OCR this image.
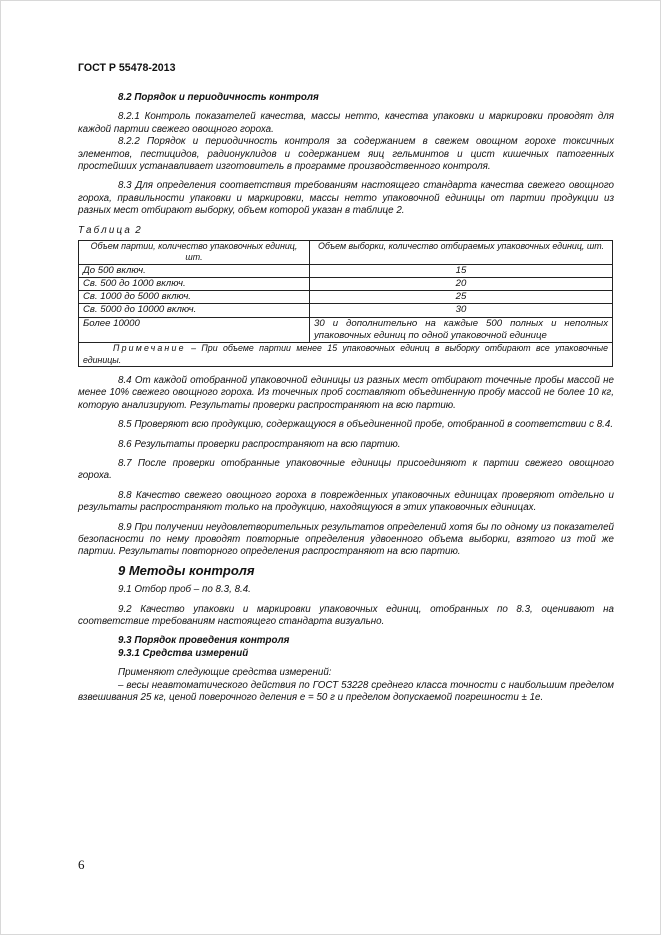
ГОСТ Р 55478-2013

8.2 Порядок и периодичность контроля

8.2.1 Контроль показателей качества, массы нетто, качества упаковки и маркировки проводят для каждой партии свежего овощного гороха.

8.2.2 Порядок и периодичность контроля за содержанием в свежем овощном горохе токсичных элементов, пестицидов, радионуклидов и содержанием яиц гельминтов и цист кишечных патогенных простейших устанавливает изготовитель в программе производственного контроля.

8.3 Для определения соответствия требованиям настоящего стандарта качества свежего овощного гороха, правильности упаковки и маркировки, массы нетто упаковочной единицы от партии продукции из разных мест отбирают выборку, объем которой указан в таблице 2.

Таблица 2
Объем партии, количество упаковочных единиц, шт.	Объем выборки, количество отбираемых упаковочных единиц, шт.
До 500 включ.	15
Св. 500 до 1000 включ.	20
Св. 1000 до 5000 включ.	25
Св. 5000 до 10000 включ.	30
Более 10000	30 и дополнительно на каждые 500 полных и неполных упаковочных единиц по одной упаковочной единице
Примечание – При объеме партии менее 15 упаковочных единиц в выборку отбирают все упаковочные единицы.	

8.4 От каждой отобранной упаковочной единицы из разных мест отбирают точечные пробы массой не менее 10% свежего овощного гороха. Из точечных проб составляют объединенную пробу массой не более 10 кг, которую анализируют. Результаты проверки распространяют на всю партию.

8.5 Проверяют всю продукцию, содержащуюся в объединенной пробе, отобранной в соответствии с 8.4.

8.6 Результаты проверки распространяют на всю партию.

8.7 После проверки отобранные упаковочные единицы присоединяют к партии свежего овощного гороха.

8.8 Качество свежего овощного гороха в поврежденных упаковочных единицах проверяют отдельно и результаты распространяют только на продукцию, находящуюся в этих упаковочных единицах.

8.9 При получении неудовлетворительных результатов определений хотя бы по одному из показателей безопасности по нему проводят повторные определения удвоенного объема выборки, взятого из той же партии. Результаты повторного определения распространяют на всю партию.

9 Методы контроля

9.1 Отбор проб – по 8.3, 8.4.

9.2 Качество упаковки и маркировки упаковочных единиц, отобранных по 8.3, оценивают на соответствие требованиям настоящего стандарта визуально.

9.3 Порядок проведения контроля

9.3.1 Средства измерений

Применяют следующие средства измерений:

– весы неавтоматического действия по ГОСТ 53228 среднего класса точности с наибольшим пределом взвешивания 25 кг, ценой поверочного деления е = 50 г и пределом допускаемой погрешности ± 1е.

6
